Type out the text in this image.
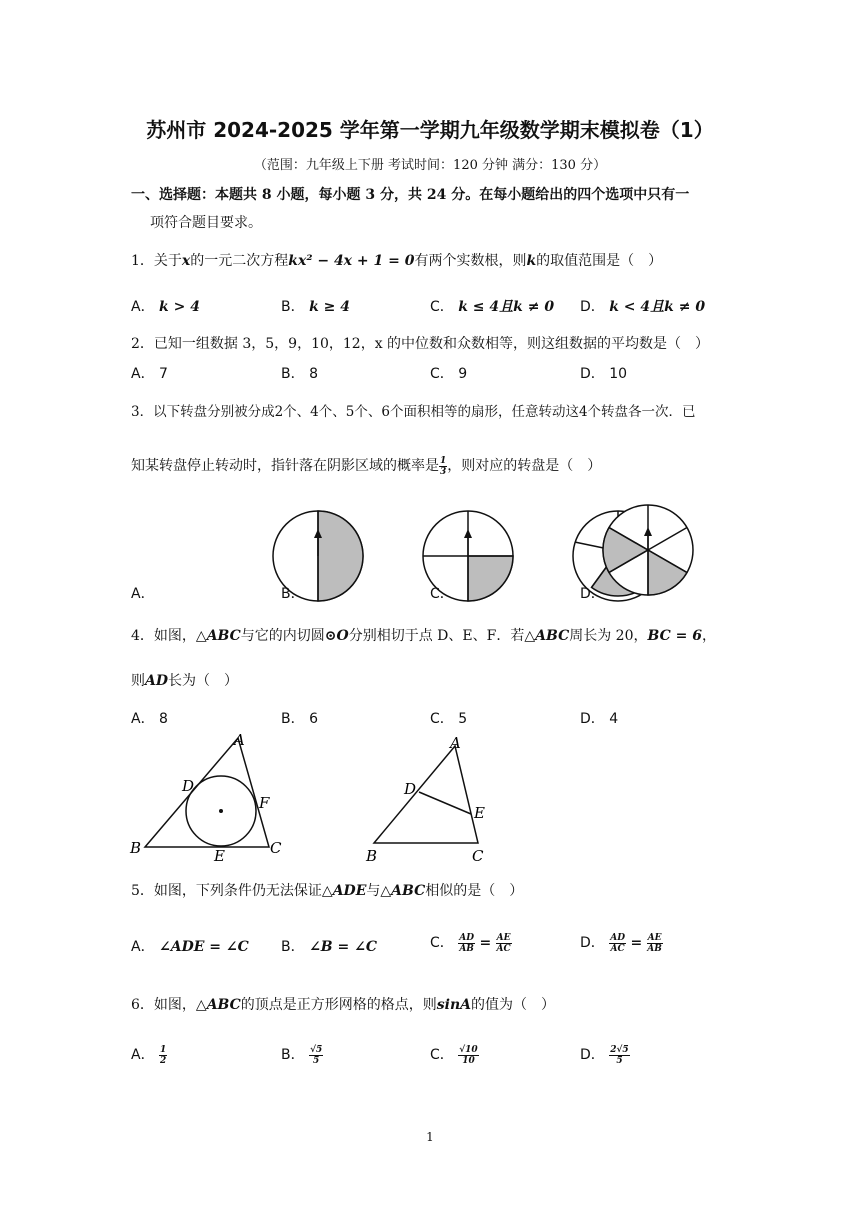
苏州市 2024-2025 学年第一学期九年级数学期末模拟卷（1）
（范围：九年级上下册 考试时间：120 分钟 满分：130 分）
一、选择题：本题共 8 小题，每小题 3 分，共 24 分。在每小题给出的四个选项中只有一
项符合题目要求。
1．关于x的一元二次方程kx² − 4x + 1 = 0有两个实数根，则k的取值范围是（　）
A． k > 4	B． k ≥ 4	C． k ≤ 4且k ≠ 0 D． k < 4且k ≠ 0
2．已知一组数据 3，5，9，10，12，x 的中位数和众数相等，则这组数据的平均数是（　）
A． 7	B． 8	C． 9	D． 10
3．以下转盘分别被分成2个、4个、5个、6个面积相等的扇形，任意转动这4个转盘各一次．已
知某转盘停止转动时，指针落在阴影区域的概率是 $\frac{1}{3}$ ，则对应的转盘是（　）
A．	B．	C．	D．
4．如图，△ABC与它的内切圆⊙O分别相切于点 D、E、F．若△ABC周长为 20，BC = 6，
则AD长为（　）
A． 8	B． 6	C． 5	D． 4
A
D
F
B	E	C
A
D
E
B	C
5．如图，下列条件仍无法保证△ADE与△ABC相似的是（　）
A． ∠ADE = ∠C B． ∠B = ∠C	C． $\frac{AD}{AB} = \frac{AE}{AC}$	D． $\frac{AD}{AC} = \frac{AE}{AB}$
6．如图，△ABC的顶点是正方形网格的格点，则sinA的值为（　）
A． $\frac{1}{2}$	B． $\frac{√5}{5}$	C． $\frac{√10}{10}$	D． $\frac{2√5}{5}$
1
